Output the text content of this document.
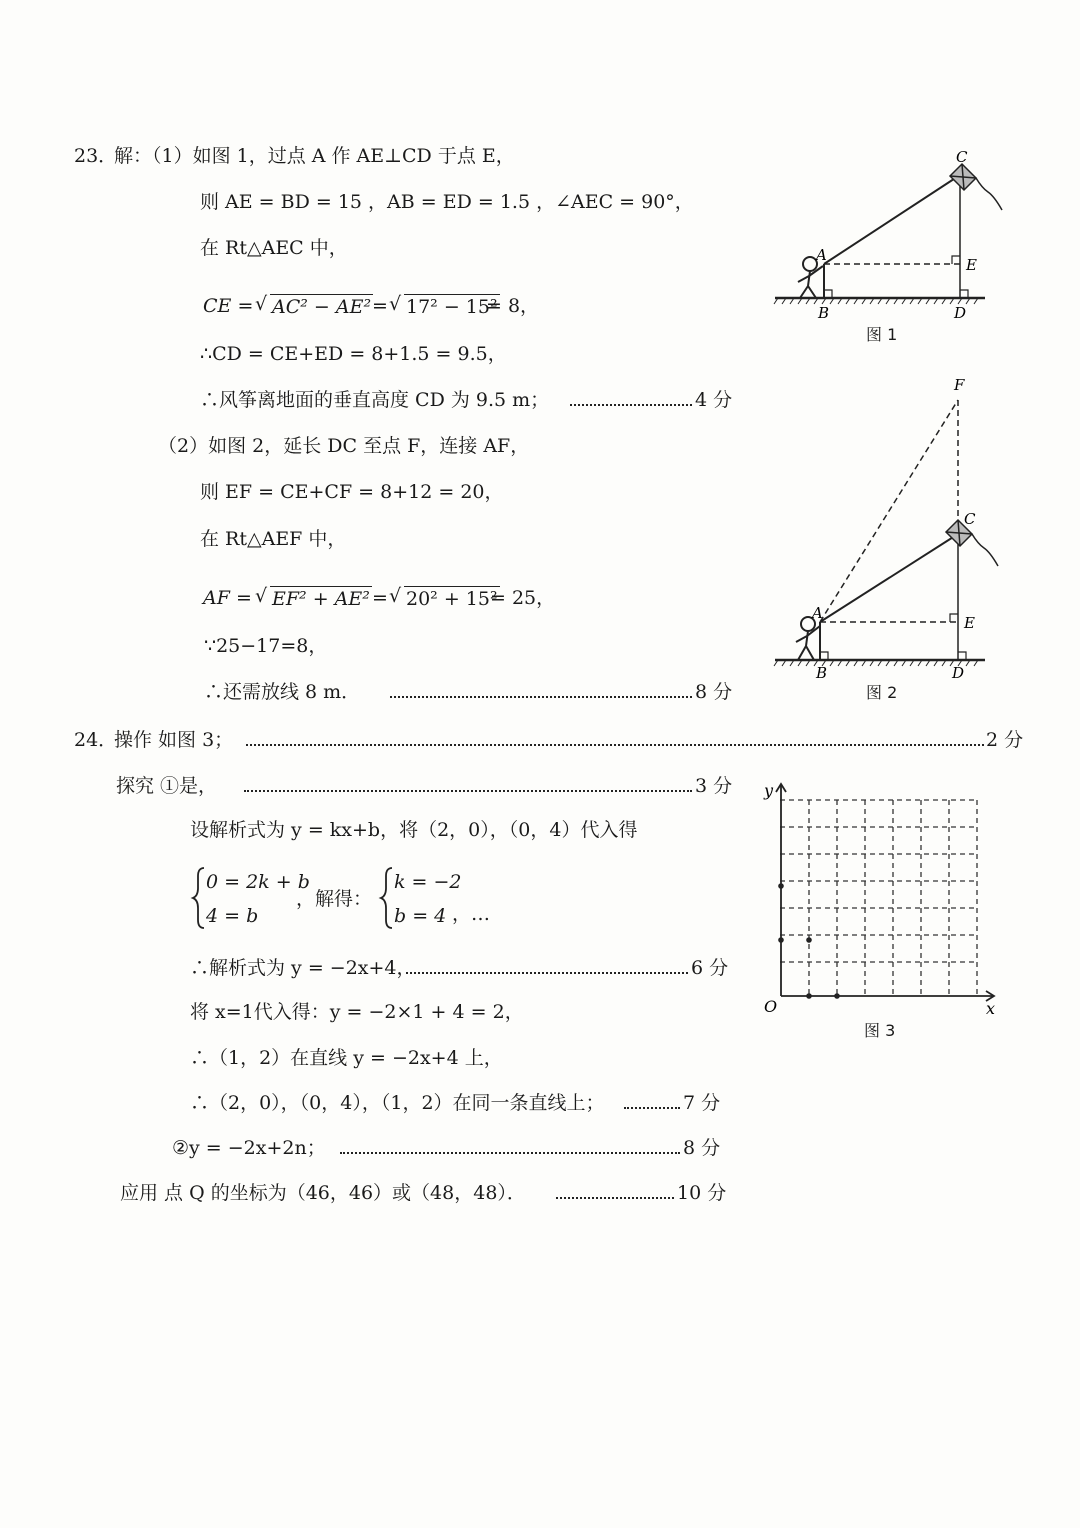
23．
解：（1）如图 1，过点 A 作 AE⊥CD 于点 E，
则 AE = BD = 15 ，AB = ED = 1.5 ，∠AEC = 90°，
在 Rt△AEC 中，
CE = √ AC² − AE² = √ 17² − 15²
= 8，
∴CD = CE+ED = 8+1.5 = 9.5，
∴风筝离地面的垂直高度 CD 为 9.5 m；	4 分
（2）如图 2，延长 DC 至点 F，连接 AF，
则 EF = CE+CF = 8+12 = 20，
在 Rt△AEF 中，
AF = √ EF² + AE² = √ 20² + 15²
= 25，
∵25−17=8，
∴还需放线 8 m．	8 分
C
A
E
B	D
图 1
F
C
A
E
B	D
图 2
24．
操作 如图 3；	2 分
探究 ①是，	3 分
设解析式为 y = kx+b，将（2，0），（0，4）代入得
0 = 2k + b
4 = b
，解得：
k = −2
b = 4 ，…
∴解析式为 y = −2x+4，	6 分
将 x=1代入得：y = −2×1 + 4 = 2，
∴（1，2）在直线 y = −2x+4 上，
∴（2，0），（0，4），（1，2）在同一条直线上；	7 分
②y = −2x+2n；	8 分
应用 点 Q 的坐标为（46，46）或（48，48）．	10 分
y
O	x
图 3
